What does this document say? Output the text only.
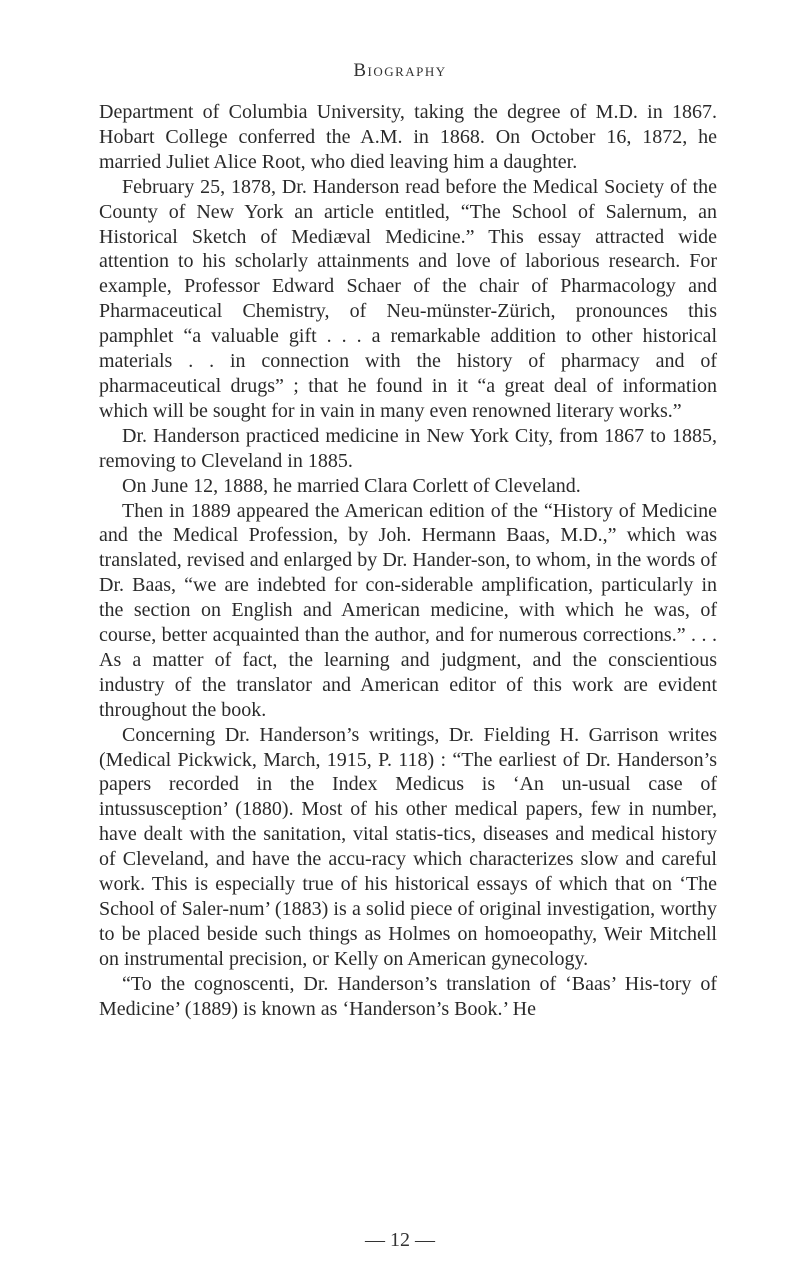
Biography

Department of Columbia University, taking the degree of M.D. in 1867. Hobart College conferred the A.M. in 1868. On October 16, 1872, he married Juliet Alice Root, who died leaving him a daughter.

February 25, 1878, Dr. Handerson read before the Medical Society of the County of New York an article entitled, “The School of Salernum, an Historical Sketch of Mediæval Medicine.” This essay attracted wide attention to his scholarly attainments and love of laborious research. For example, Professor Edward Schaer of the chair of Pharmacology and Pharmaceutical Chemistry, of Neu-münster-Zürich, pronounces this pamphlet “a valuable gift . . . a remarkable addition to other historical materials . . in connection with the history of pharmacy and of pharmaceutical drugs” ; that he found in it “a great deal of information which will be sought for in vain in many even renowned literary works.”

Dr. Handerson practiced medicine in New York City, from 1867 to 1885, removing to Cleveland in 1885.

On June 12, 1888, he married Clara Corlett of Cleveland.

Then in 1889 appeared the American edition of the “History of Medicine and the Medical Profession, by Joh. Hermann Baas, M.D.,” which was translated, revised and enlarged by Dr. Hander-son, to whom, in the words of Dr. Baas, “we are indebted for con-siderable amplification, particularly in the section on English and American medicine, with which he was, of course, better acquainted than the author, and for numerous corrections.” . . . As a matter of fact, the learning and judgment, and the conscientious industry of the translator and American editor of this work are evident throughout the book.

Concerning Dr. Handerson’s writings, Dr. Fielding H. Garrison writes (Medical Pickwick, March, 1915, P. 118) : “The earliest of Dr. Handerson’s papers recorded in the Index Medicus is ‘An un-usual case of intussusception’ (1880). Most of his other medical papers, few in number, have dealt with the sanitation, vital statis-tics, diseases and medical history of Cleveland, and have the accu-racy which characterizes slow and careful work. This is especially true of his historical essays of which that on ‘The School of Saler-num’ (1883) is a solid piece of original investigation, worthy to be placed beside such things as Holmes on homoeopathy, Weir Mitchell on instrumental precision, or Kelly on American gynecology.

“To the cognoscenti, Dr. Handerson’s translation of ‘Baas’ His-tory of Medicine’ (1889) is known as ‘Handerson’s Book.’ He

— 12 —
